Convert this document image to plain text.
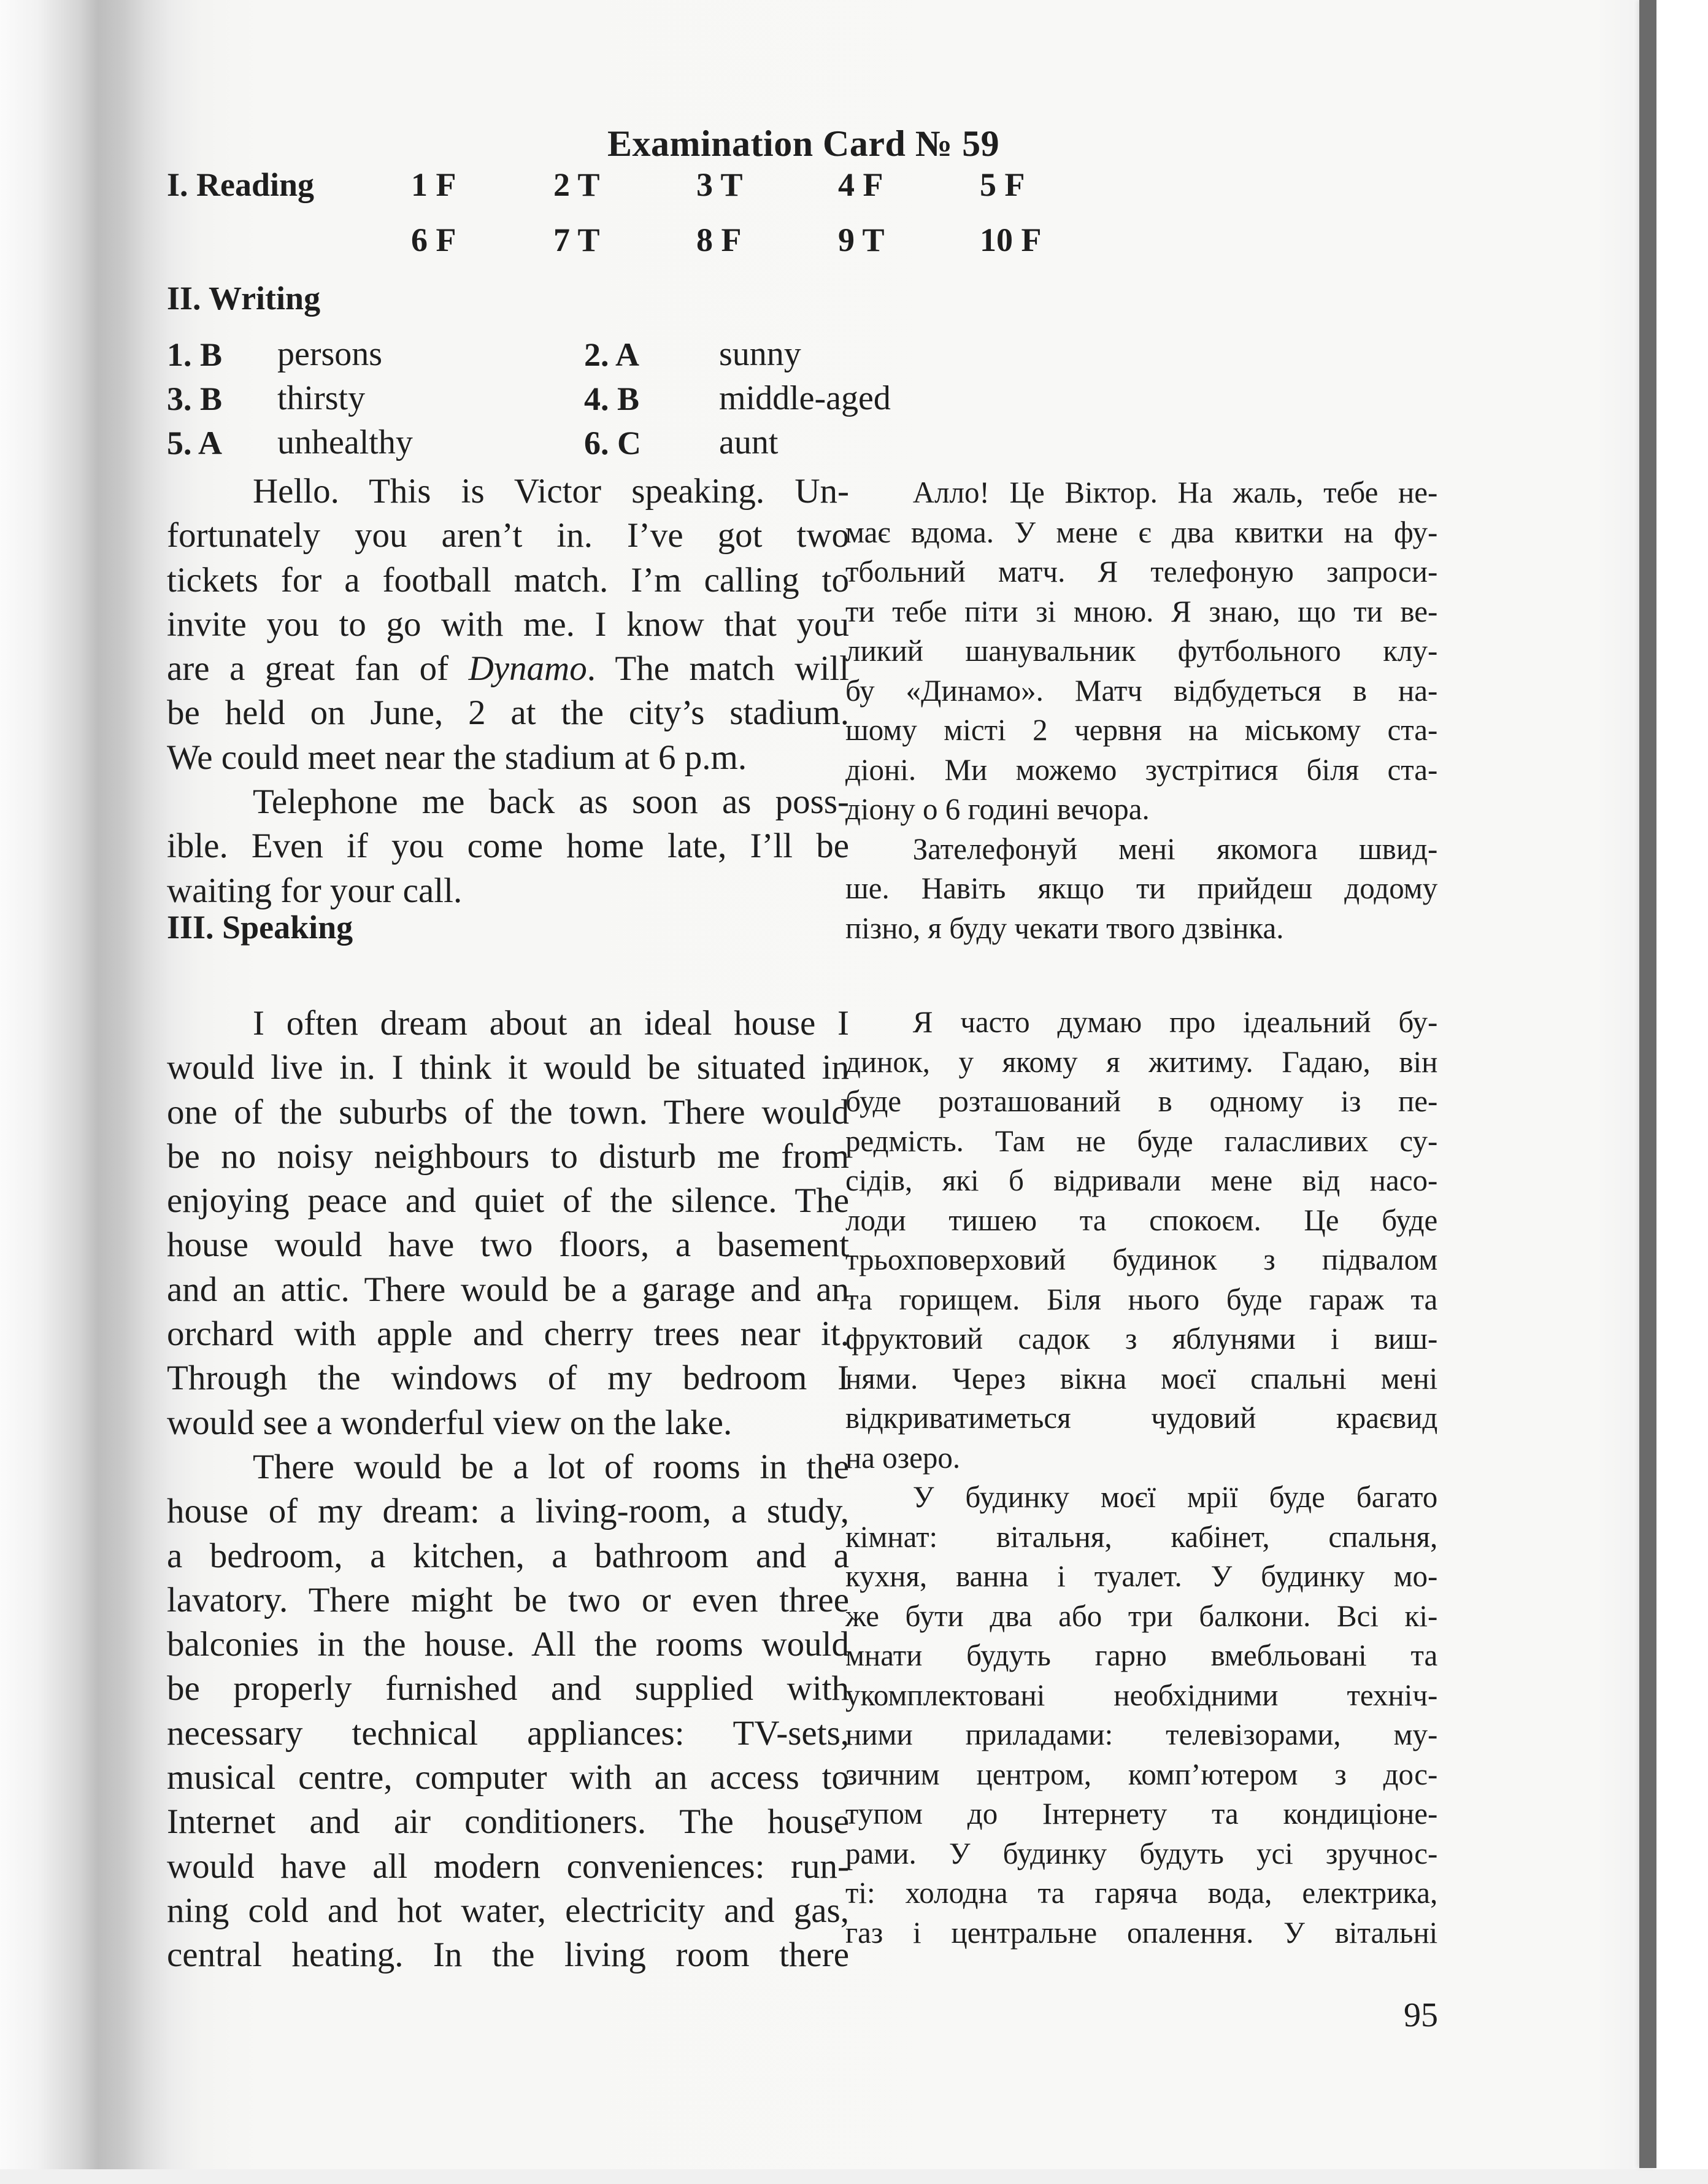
Examination Card № 59
I. Reading	1 F	2 T	3 T	4 F	5 F
6 F	7 T	8 F	9 T	10 F
II. Writing
1. B persons	2. A sunny
3. B thirsty	4. B middle-aged
5. A unhealthy	6. C aunt
Hello. This is Victor speaking. Un-
fortunately you aren’t in. I’ve got two
tickets for a football match. I’m calling to
invite you to go with me. I know that you
are a great fan of Dynamo. The match will
be held on June, 2 at the city’s stadium.
We could meet near the stadium at 6 p.m.
Telephone me back as soon as poss-
ible. Even if you come home late, I’ll be
waiting for your call.
Алло! Це Віктор. На жаль, тебе не-
має вдома. У мене є два квитки на фу-
тбольний матч. Я телефоную запроси-
ти тебе піти зі мною. Я знаю, що ти ве-
ликий шанувальник футбольного клу-
бу «Динамо». Матч відбудеться в на-
шому місті 2 червня на міському ста-
діоні. Ми можемо зустрітися біля ста-
діону о 6 годині вечора.
Зателефонуй мені якомога швид-
ше. Навіть якщо ти прийдеш додому
пізно, я буду чекати твого дзвінка.
III. Speaking
I often dream about an ideal house I
would live in. I think it would be situated in
one of the suburbs of the town. There would
be no noisy neighbours to disturb me from
enjoying peace and quiet of the silence. The
house would have two floors, a basement
and an attic. There would be a garage and an
orchard with apple and cherry trees near it.
Through the windows of my bedroom I
would see a wonderful view on the lake.
There would be a lot of rooms in the
house of my dream: a living-room, a study,
a bedroom, a kitchen, a bathroom and a
lavatory. There might be two or even three
balconies in the house. All the rooms would
be properly furnished and supplied with
necessary technical appliances: TV-sets,
musical centre, computer with an access to
Internet and air conditioners. The house
would have all modern conveniences: run-
ning cold and hot water, electricity and gas,
central heating. In the living room there
Я часто думаю про ідеальний бу-
динок, у якому я житиму. Гадаю, він
буде розташований в одному із пе-
редмість. Там не буде галасливих су-
сідів, які б відривали мене від насо-
лоди тишею та спокоєм. Це буде
трьохповерховий будинок з підвалом
та горищем. Біля нього буде гараж та
фруктовий садок з яблунями і виш-
нями. Через вікна моєї спальні мені
відкриватиметься чудовий краєвид
на озеро.
У будинку моєї мрії буде багато
кімнат: вітальня, кабінет, спальня,
кухня, ванна і туалет. У будинку мо-
же бути два або три балкони. Всі кі-
мнати будуть гарно вмебльовані та
укомплектовані необхідними техніч-
ними приладами: телевізорами, му-
зичним центром, комп’ютером з дос-
тупом до Інтернету та кондиціоне-
рами. У будинку будуть усі зручнос-
ті: холодна та гаряча вода, електрика,
газ і центральне опалення. У вітальні
95
